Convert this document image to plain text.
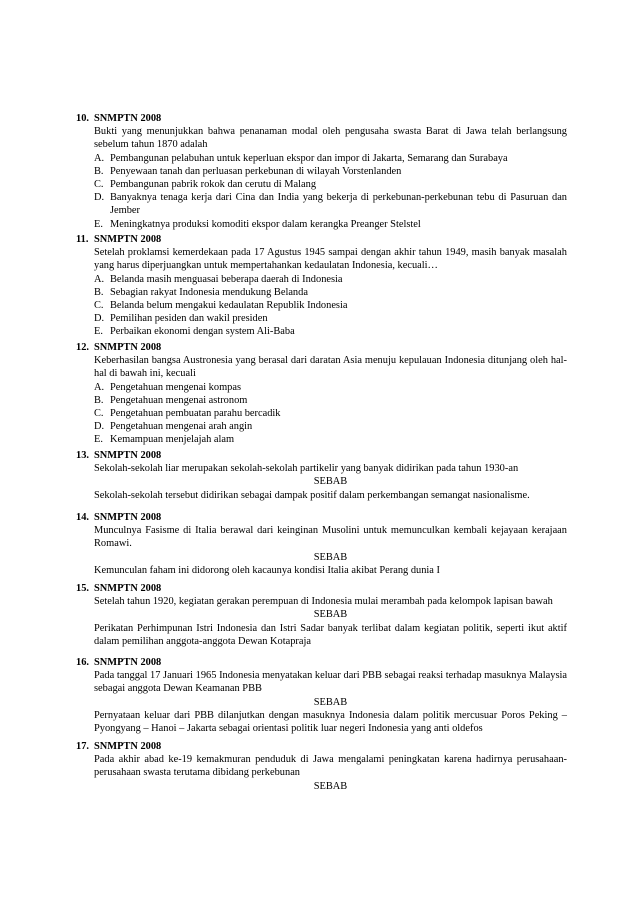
10. SNMPTN 2008
Bukti yang menunjukkan bahwa penanaman modal oleh pengusaha swasta Barat di Jawa telah berlangsung sebelum tahun 1870 adalah
A. Pembangunan pelabuhan untuk keperluan ekspor dan impor di Jakarta, Semarang dan Surabaya
B. Penyewaan tanah dan perluasan perkebunan di wilayah Vorstenlanden
C. Pembangunan pabrik rokok dan cerutu di Malang
D. Banyaknya tenaga kerja dari Cina dan India yang bekerja di perkebunan-perkebunan tebu di Pasuruan dan Jember
E. Meningkatnya produksi komoditi ekspor dalam kerangka Preanger Stelstel
11. SNMPTN 2008
Setelah proklamsi kemerdekaan pada 17 Agustus 1945 sampai dengan akhir tahun 1949, masih banyak masalah yang harus diperjuangkan untuk mempertahankan kedaulatan Indonesia, kecuali…
A. Belanda masih menguasai beberapa daerah di Indonesia
B. Sebagian rakyat Indonesia mendukung Belanda
C. Belanda belum mengakui kedaulatan Republik Indonesia
D. Pemilihan pesiden dan wakil presiden
E. Perbaikan ekonomi dengan system Ali-Baba
12. SNMPTN 2008
Keberhasilan bangsa Austronesia yang berasal dari daratan Asia menuju kepulauan Indonesia ditunjang oleh hal-hal di bawah ini, kecuali
A. Pengetahuan mengenai kompas
B. Pengetahuan mengenai astronom
C. Pengetahuan pembuatan parahu bercadik
D. Pengetahuan mengenai arah angin
E. Kemampuan menjelajah alam
13. SNMPTN 2008
Sekolah-sekolah liar merupakan sekolah-sekolah partikelir yang banyak didirikan pada tahun 1930-an
SEBAB
Sekolah-sekolah tersebut didirikan sebagai dampak positif dalam perkembangan semangat nasionalisme.
14. SNMPTN 2008
Munculnya Fasisme di Italia berawal dari keinginan Musolini untuk memunculkan kembali kejayaan kerajaan Romawi.
SEBAB
Kemunculan faham ini didorong oleh kacaunya kondisi Italia akibat Perang dunia I
15. SNMPTN 2008
Setelah tahun 1920, kegiatan gerakan perempuan di Indonesia mulai merambah pada kelompok lapisan bawah
SEBAB
Perikatan Perhimpunan Istri Indonesia dan Istri Sadar banyak terlibat dalam kegiatan politik, seperti ikut aktif dalam pemilihan anggota-anggota Dewan Kotapraja
16. SNMPTN 2008
Pada tanggal 17 Januari 1965 Indonesia menyatakan keluar dari PBB sebagai reaksi terhadap masuknya Malaysia sebagai anggota Dewan Keamanan PBB
SEBAB
Pernyataan keluar dari PBB dilanjutkan dengan masuknya Indonesia dalam politik mercusuar Poros Peking – Pyongyang – Hanoi – Jakarta sebagai orientasi politik luar negeri Indonesia yang anti oldefos
17. SNMPTN 2008
Pada akhir abad ke-19 kemakmuran penduduk di Jawa mengalami peningkatan karena hadirnya perusahaan-perusahaan swasta terutama dibidang perkebunan
SEBAB
